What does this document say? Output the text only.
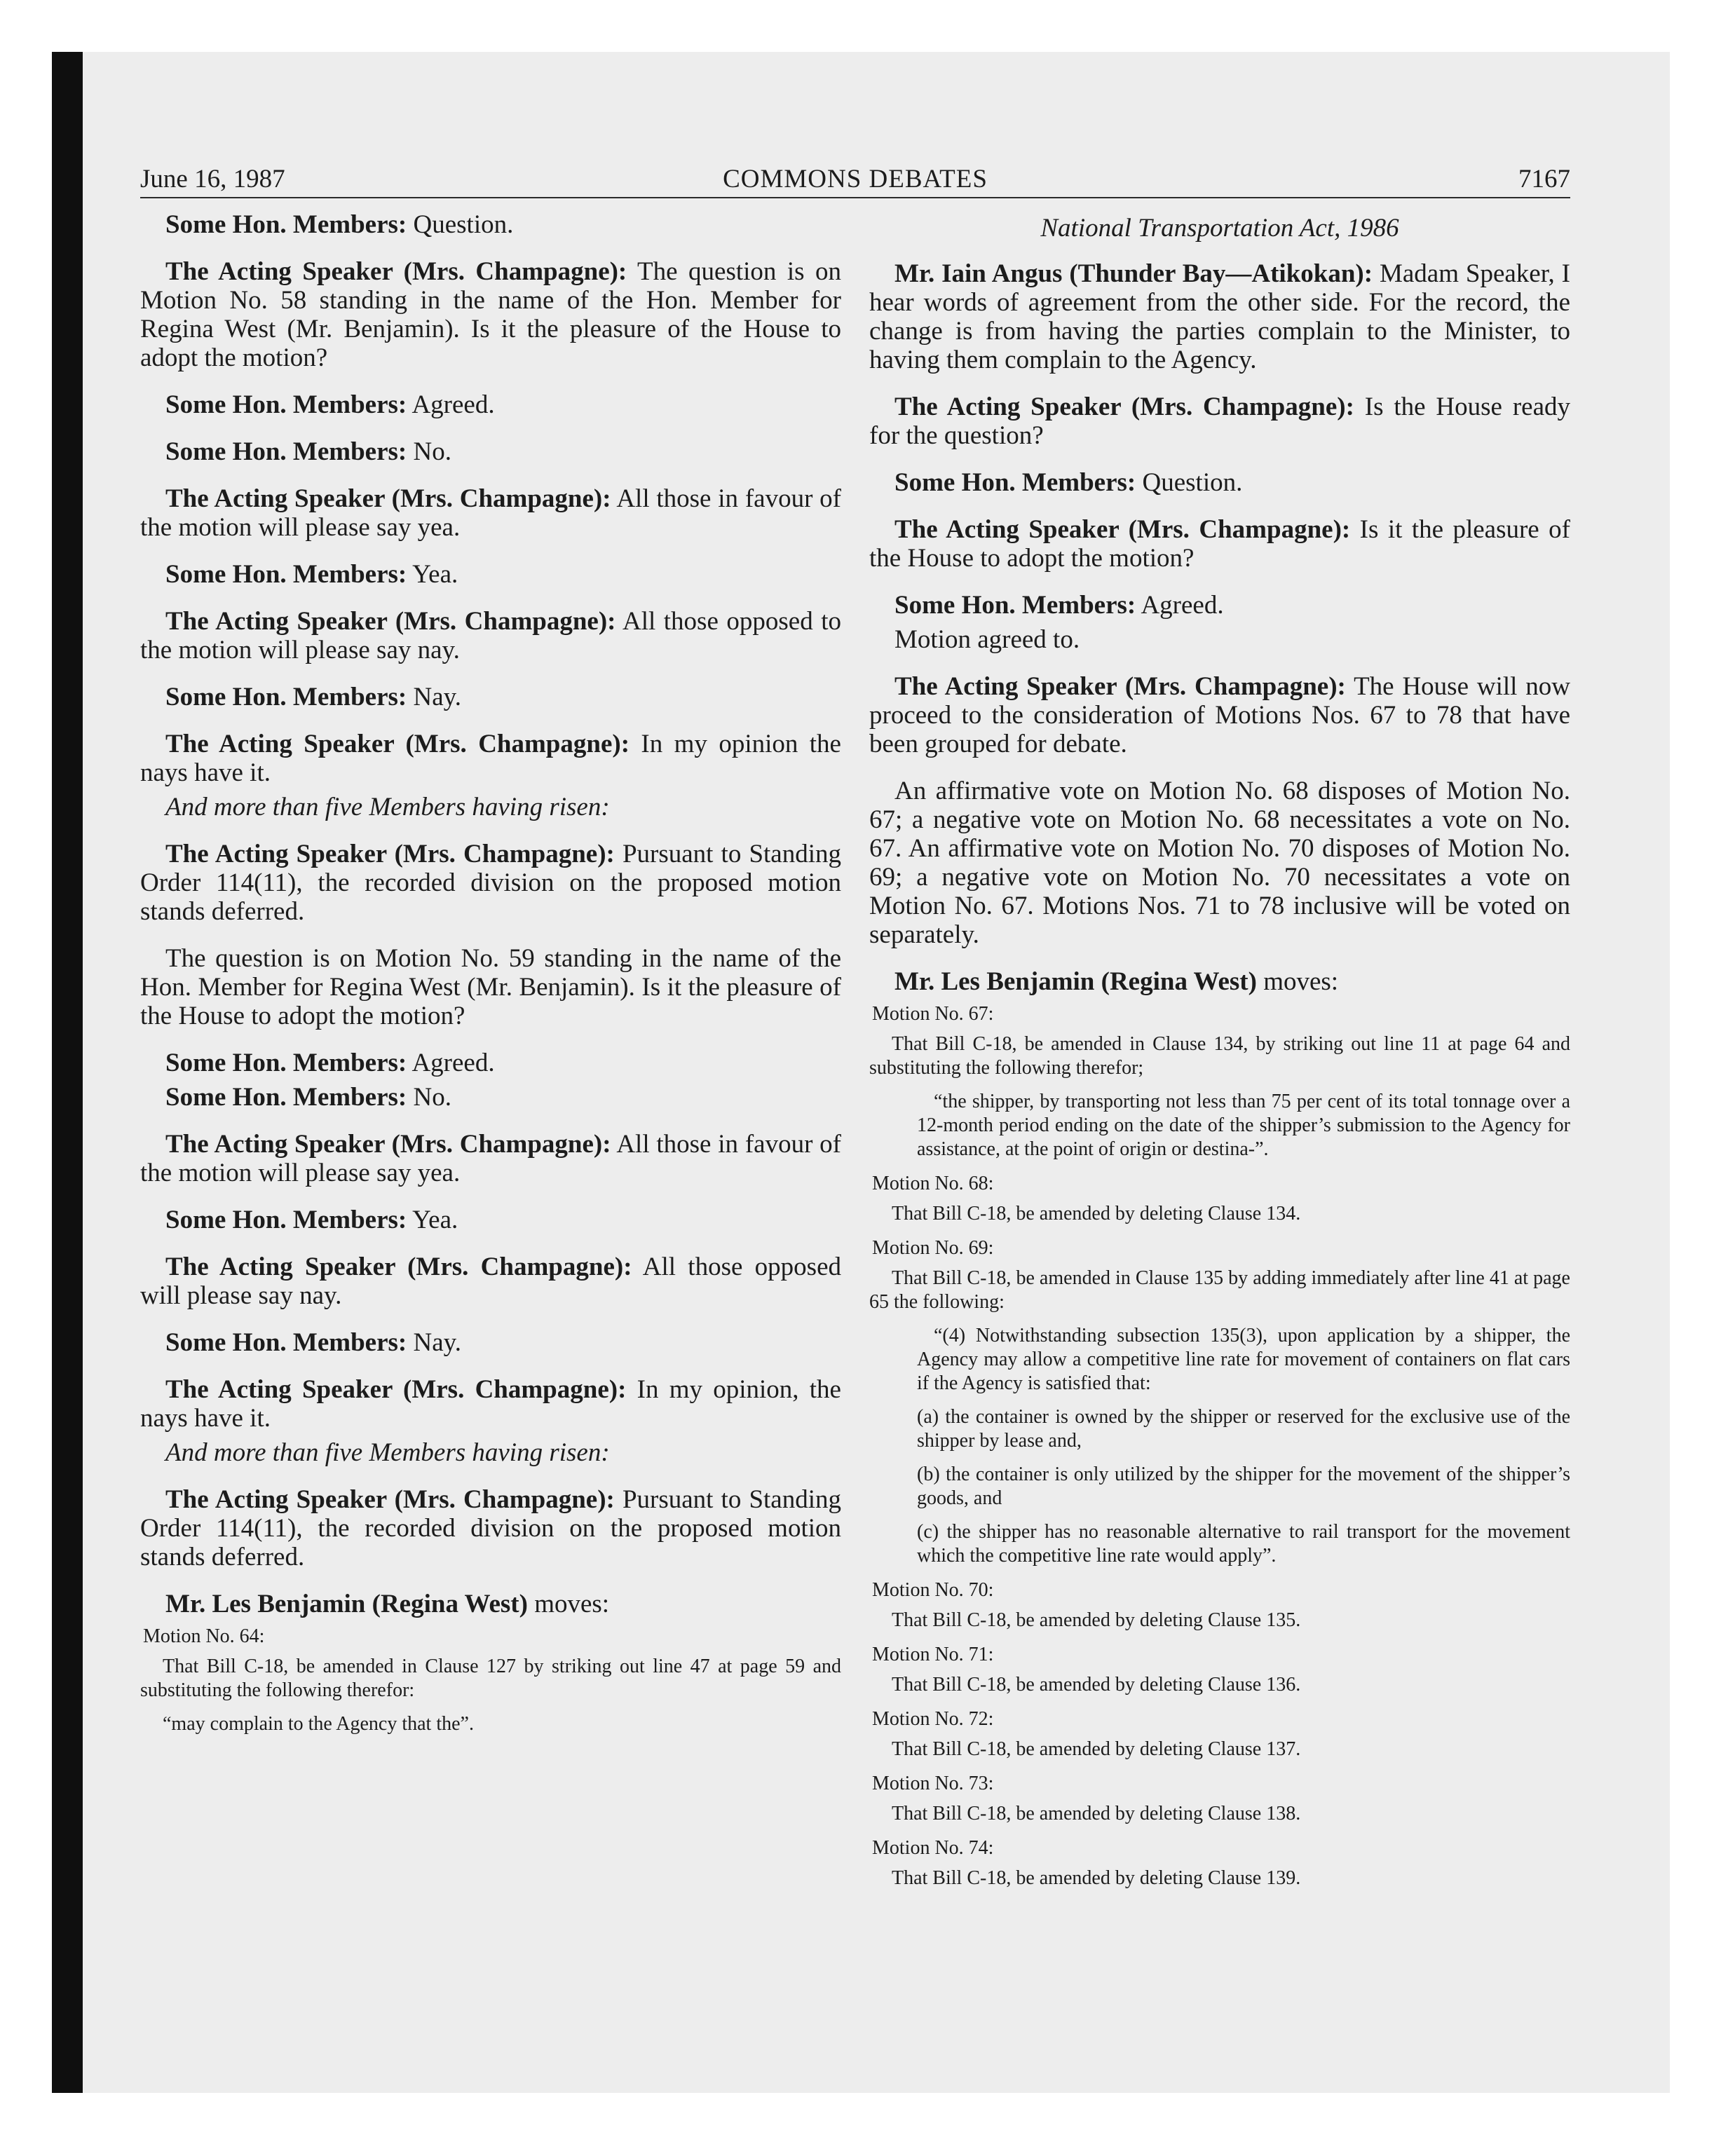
June 16, 1987	COMMONS DEBATES	7167

Some Hon. Members: Question.

The Acting Speaker (Mrs. Champagne): The question is on Motion No. 58 standing in the name of the Hon. Member for Regina West (Mr. Benjamin). Is it the pleasure of the House to adopt the motion?

Some Hon. Members: Agreed.

Some Hon. Members: No.

The Acting Speaker (Mrs. Champagne): All those in favour of the motion will please say yea.

Some Hon. Members: Yea.

The Acting Speaker (Mrs. Champagne): All those opposed to the motion will please say nay.

Some Hon. Members: Nay.

The Acting Speaker (Mrs. Champagne): In my opinion the nays have it.

And more than five Members having risen:

The Acting Speaker (Mrs. Champagne): Pursuant to Standing Order 114(11), the recorded division on the proposed motion stands deferred.

The question is on Motion No. 59 standing in the name of the Hon. Member for Regina West (Mr. Benjamin). Is it the pleasure of the House to adopt the motion?

Some Hon. Members: Agreed.

Some Hon. Members: No.

The Acting Speaker (Mrs. Champagne): All those in favour of the motion will please say yea.

Some Hon. Members: Yea.

The Acting Speaker (Mrs. Champagne): All those opposed will please say nay.

Some Hon. Members: Nay.

The Acting Speaker (Mrs. Champagne): In my opinion, the nays have it.

And more than five Members having risen:

The Acting Speaker (Mrs. Champagne): Pursuant to Standing Order 114(11), the recorded division on the proposed motion stands deferred.

Mr. Les Benjamin (Regina West) moves:

Motion No. 64:

That Bill C-18, be amended in Clause 127 by striking out line 47 at page 59 and substituting the following therefor:

“may complain to the Agency that the”.

National Transportation Act, 1986

Mr. Iain Angus (Thunder Bay—Atikokan): Madam Speaker, I hear words of agreement from the other side. For the record, the change is from having the parties complain to the Minister, to having them complain to the Agency.

The Acting Speaker (Mrs. Champagne): Is the House ready for the question?

Some Hon. Members: Question.

The Acting Speaker (Mrs. Champagne): Is it the pleasure of the House to adopt the motion?

Some Hon. Members: Agreed.

Motion agreed to.

The Acting Speaker (Mrs. Champagne): The House will now proceed to the consideration of Motions Nos. 67 to 78 that have been grouped for debate.

An affirmative vote on Motion No. 68 disposes of Motion No. 67; a negative vote on Motion No. 68 necessitates a vote on No. 67. An affirmative vote on Motion No. 70 disposes of Motion No. 69; a negative vote on Motion No. 70 necessitates a vote on Motion No. 67. Motions Nos. 71 to 78 inclusive will be voted on separately.

Mr. Les Benjamin (Regina West) moves:

Motion No. 67:

That Bill C-18, be amended in Clause 134, by striking out line 11 at page 64 and substituting the following therefor;

“the shipper, by transporting not less than 75 per cent of its total tonnage over a 12-month period ending on the date of the shipper’s submission to the Agency for assistance, at the point of origin or destina-”.

Motion No. 68:

That Bill C-18, be amended by deleting Clause 134.

Motion No. 69:

That Bill C-18, be amended in Clause 135 by adding immediately after line 41 at page 65 the following:

“(4) Notwithstanding subsection 135(3), upon application by a shipper, the Agency may allow a competitive line rate for movement of containers on flat cars if the Agency is satisfied that:

(a) the container is owned by the shipper or reserved for the exclusive use of the shipper by lease and,

(b) the container is only utilized by the shipper for the movement of the shipper’s goods, and

(c) the shipper has no reasonable alternative to rail transport for the movement which the competitive line rate would apply”.

Motion No. 70:

That Bill C-18, be amended by deleting Clause 135.

Motion No. 71:

That Bill C-18, be amended by deleting Clause 136.

Motion No. 72:

That Bill C-18, be amended by deleting Clause 137.

Motion No. 73:

That Bill C-18, be amended by deleting Clause 138.

Motion No. 74:

That Bill C-18, be amended by deleting Clause 139.
